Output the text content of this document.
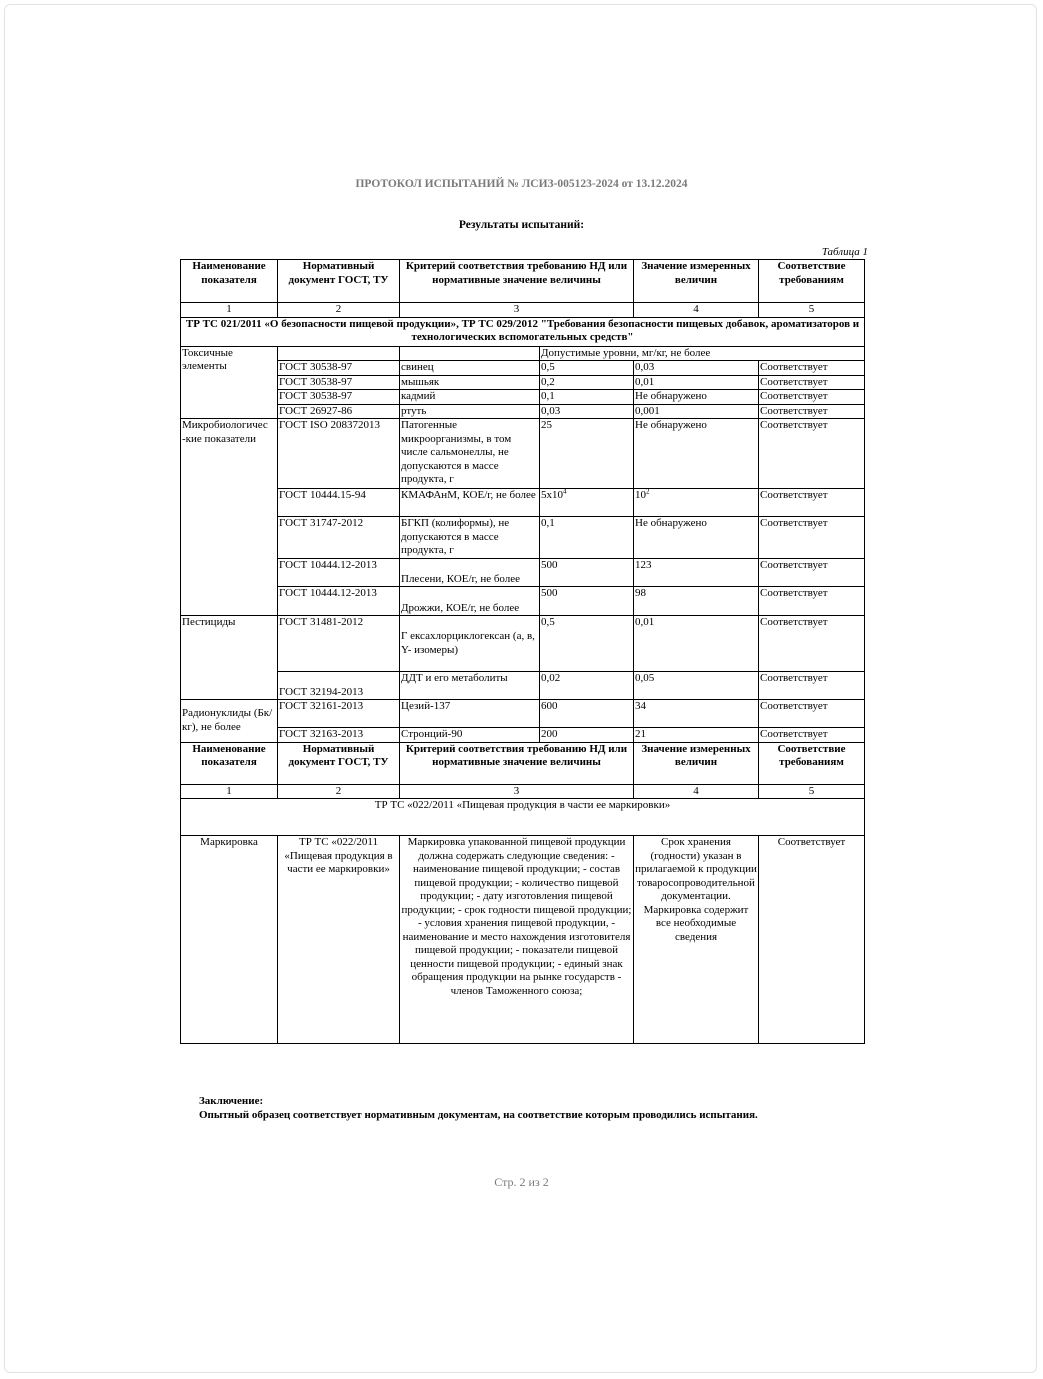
ПРОТОКОЛ ИСПЫТАНИЙ № ЛСИЗ-005123-2024 от 13.12.2024
Результаты испытаний:
Таблица 1
Наименование показателя	Нормативный документ ГОСТ, ТУ	Критерий соответствия требованию НД или нормативные значение величины		Значение измеренных величин	Соответствие требованиям
1	2	3		4	5
ТР ТС 021/2011 «О безопасности пищевой продукции», ТР ТС 029/2012 "Требования безопасности пищевых добавок, ароматизаторов и технологических вспомогательных средств"					
Токсичные элементы			Допустимые уровни, мг/кг, не более		
	ГОСТ 30538-97	свинец	0,5	0,03	Соответствует
	ГОСТ 30538-97	мышьяк	0,2	0,01	Соответствует
	ГОСТ 30538-97	кадмий	0,1	Не обнаружено	Соответствует
	ГОСТ 26927-86	ртуть	0,03	0,001	Соответствует
Микробиологичес -кие показатели	ГОСТ ISO 208372013	Патогенные микроорганизмы, в том числе сальмонеллы, не допускаются в массе продукта, г	25	Не обнаружено	Соответствует
	ГОСТ 10444.15-94	КМАФАнМ, КОЕ/г, не более	$5х10^4$	$10^2$	Соответствует
	ГОСТ 31747-2012	БГКП (колиформы), не допускаются в массе продукта, г	0,1	Не обнаружено	Соответствует
	ГОСТ 10444.12-2013	Плесени, КОЕ/г, не более	500	123	Соответствует
	ГОСТ 10444.12-2013	Дрожжи, КОЕ/г, не более	500	98	Соответствует
Пестициды	ГОСТ 31481-2012	Г ексахлорциклогексан (a, в, Y- изомеры)	0,5	0,01	Соответствует
	ГОСТ 32194-2013	ДДТ и его метаболиты	0,02	0,05	Соответствует
Радионуклиды (Бк/кг), не более	ГОСТ 32161-2013	Цезий-137	600	34	Соответствует
	ГОСТ 32163-2013	Стронций-90	200	21	Соответствует
Наименование показателя	Нормативный документ ГОСТ, ТУ	Критерий соответствия требованию НД или нормативные значение величины		Значение измеренных величин	Соответствие требованиям
1	2	3		4	5
ТР ТС «022/2011 «Пищевая продукция в части ее маркировки»					
Маркировка	ТР ТС «022/2011 «Пищевая продукция в части ее маркировки»	Маркировка упакованной пищевой продукции должна содержать следующие сведения: - наименование пищевой продукции; - состав пищевой продукции; - количество пищевой продукции; - дату изготовления пищевой продукции; - срок годности пищевой продукции; - условия хранения пищевой продукции, - наименование и место нахождения изготовителя пищевой продукции; - показатели пищевой ценности пищевой продукции; - единый знак обращения продукции на рынке государств - членов Таможенного союза;		Срок хранения (годности) указан в прилагаемой к продукции товаросопроводительной документации. Маркировка содержит все необходимые сведения	Соответствует
Заключение:
Опытный образец соответствует нормативным документам, на соответствие которым проводились испытания.
Стр. 2 из 2
